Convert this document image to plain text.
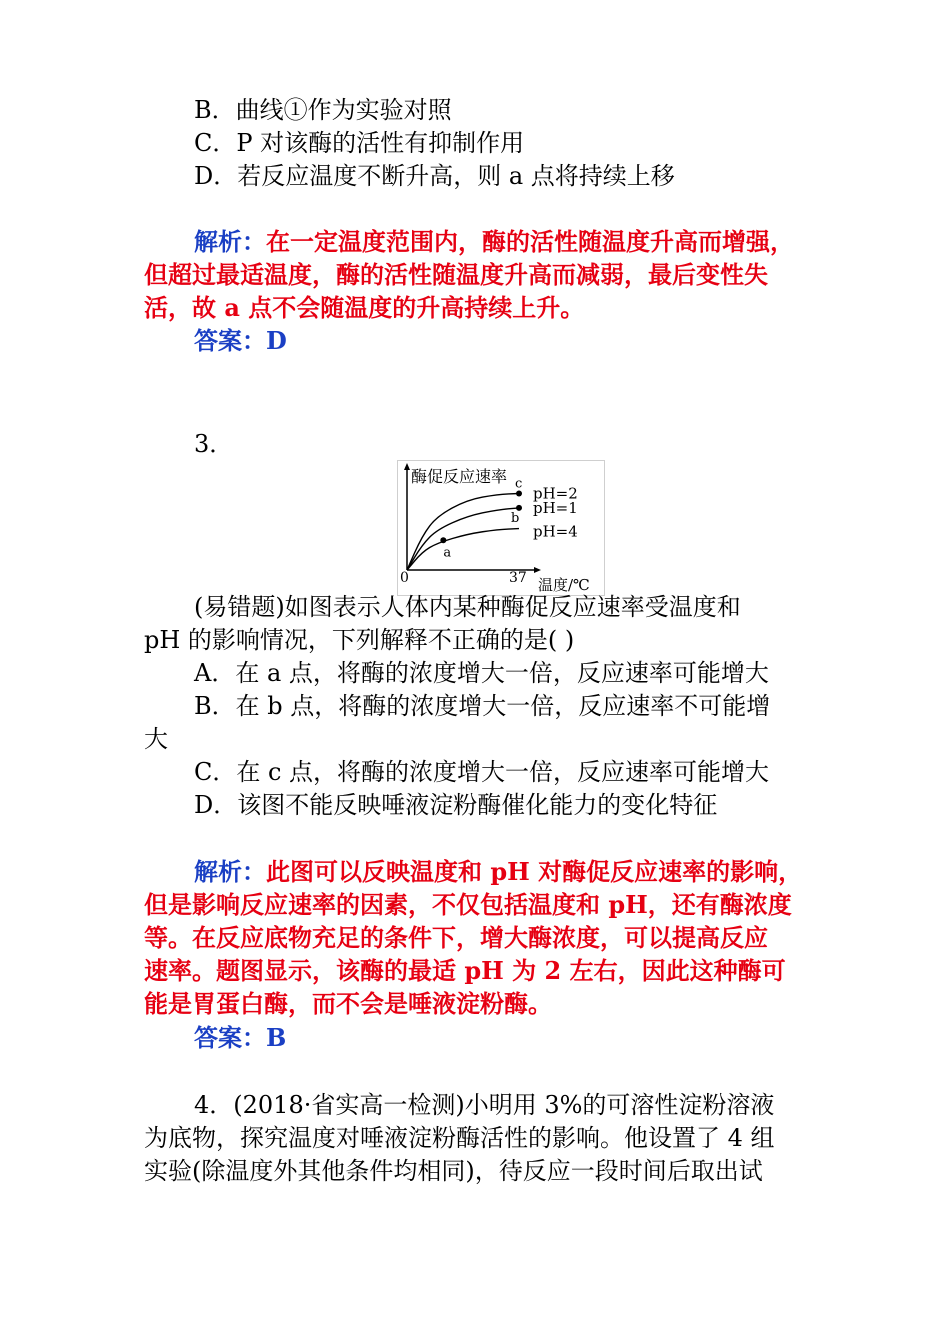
B．曲线①作为实验对照
C．P 对该酶的活性有抑制作用
D．若反应温度不断升高，则 a 点将持续上移
解析：在一定温度范围内，酶的活性随温度升高而增强，
但超过最适温度，酶的活性随温度升高而减弱，最后变性失
活，故 a 点不会随温度的升高持续上升。
答案：D
3．
酶促反应速率
温度/℃
0	37
pH=2
pH=1
pH=4
c
b
a
(易错题)如图表示人体内某种酶促反应速率受温度和
pH 的影响情况，下列解释不正确的是( )
A．在 a 点，将酶的浓度增大一倍，反应速率可能增大
B．在 b 点，将酶的浓度增大一倍，反应速率不可能增
大
C．在 c 点，将酶的浓度增大一倍，反应速率可能增大
D．该图不能反映唾液淀粉酶催化能力的变化特征
解析：此图可以反映温度和 pH 对酶促反应速率的影响，
但是影响反应速率的因素，不仅包括温度和 pH，还有酶浓度
等。在反应底物充足的条件下，增大酶浓度，可以提高反应
速率。题图显示，该酶的最适 pH 为 2 左右，因此这种酶可
能是胃蛋白酶，而不会是唾液淀粉酶。
答案：B
4．(2018·省实高一检测)小明用 3%的可溶性淀粉溶液
为底物，探究温度对唾液淀粉酶活性的影响。他设置了 4 组
实验(除温度外其他条件均相同)，待反应一段时间后取出试
